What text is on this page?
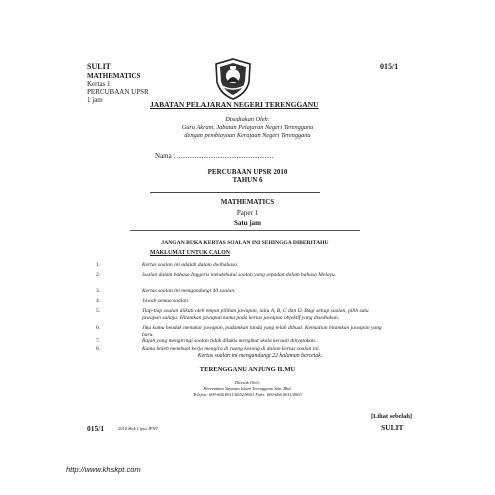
SULIT	015/1
MATHEMATICS
Kertas 1
PERCUBAAN UPSR
1 jam	JABATAN PELAJARAN NEGERI TERENGGANU
Disediakan Oleh:
Guru Akram, Jabatan Pelajaran Negeri Terengganu
dengan pembiayaan Kerajaan Negeri Terengganu
Nama : .......................................................
PERCUBAAN UPSR 2010
TAHUN 6
MATHEMATICS
Paper 1
Satu jam
JANGAN BUKA KERTAS SOALAN INI SEHINGGA DIBERITAHU
MAKLUMAT UNTUK CALON
1.	Kertas soalan ini adalah dalam dwibahasa.
2.	Soalan dalam bahasa Inggeris mendahului soalan yang sepadan dalam bahasa Melayu.
3.	Kertas soalan ini mengandungi 40 soalan.
4.	Jawab semua soalan.
5.	Tiap-tiap soalan diikuti oleh empat pilihan jawapan, iaitu A, B, C dan D. Bagi setiap soalan, pilih satu jawapan sahaja. Hitamkan jawapan kamu pada kertas jawapan objektif yang disediakan.
6.	Jika kamu hendak menukar jawapan, padamkan tanda yang telah dibuat. Kemudian hitamkan jawapan yang baru.
7.	Rajah yang mengiringi soalan tidak dilukis mengikut skala kecuali dinyatakan.
8.	Kamu boleh membuat kerja mengira di ruang kosong di dalam kertas soalan ini.
Kertas soalan ini mengandungi 22 halaman bercetak.
TERENGGANU ANJUNG ILMU
Dicetak Oleh:
Percetakan Yayasan Islam Terengganu Sdn. Bhd.
Telefon: 609-666 8611/6652/8601 Faks: 609-666 0611/0063
[Lihat sebelah]
SULIT
015/1	2010 Hak Cipta JPNT
http://www.khskpt.com
